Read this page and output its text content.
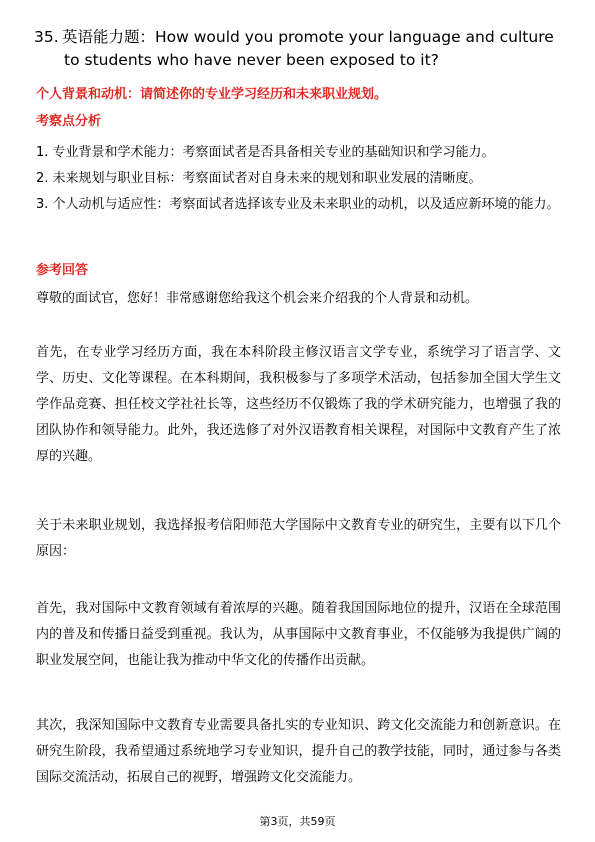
35. 英语能力题：How would you promote your language and culture
to students who have never been exposed to it?
个人背景和动机：请简述你的专业学习经历和未来职业规划。
考察点分析

1. 专业背景和学术能力：考察面试者是否具备相关专业的基础知识和学习能力。

2. 未来规划与职业目标：考察面试者对自身未来的规划和职业发展的清晰度。

3. 个人动机与适应性：考察面试者选择该专业及未来职业的动机，以及适应新环境的能力。

参考回答

尊敬的面试官，您好！非常感谢您给我这个机会来介绍我的个人背景和动机。

首先，在专业学习经历方面，我在本科阶段主修汉语言文学专业，系统学习了语言学、文学、历史、文化等课程。在本科期间，我积极参与了多项学术活动，包括参加全国大学生文学作品竞赛、担任校文学社社长等，这些经历不仅锻炼了我的学术研究能力，也增强了我的团队协作和领导能力。此外，我还选修了对外汉语教育相关课程，对国际中文教育产生了浓厚的兴趣。

关于未来职业规划，我选择报考信阳师范大学国际中文教育专业的研究生，主要有以下几个原因：

首先，我对国际中文教育领域有着浓厚的兴趣。随着我国国际地位的提升，汉语在全球范围内的普及和传播日益受到重视。我认为，从事国际中文教育事业，不仅能够为我提供广阔的职业发展空间，也能让我为推动中华文化的传播作出贡献。

其次，我深知国际中文教育专业需要具备扎实的专业知识、跨文化交流能力和创新意识。在研究生阶段，我希望通过系统地学习专业知识，提升自己的教学技能，同时，通过参与各类国际交流活动，拓展自己的视野，增强跨文化交流能力。

第3页，共59页
